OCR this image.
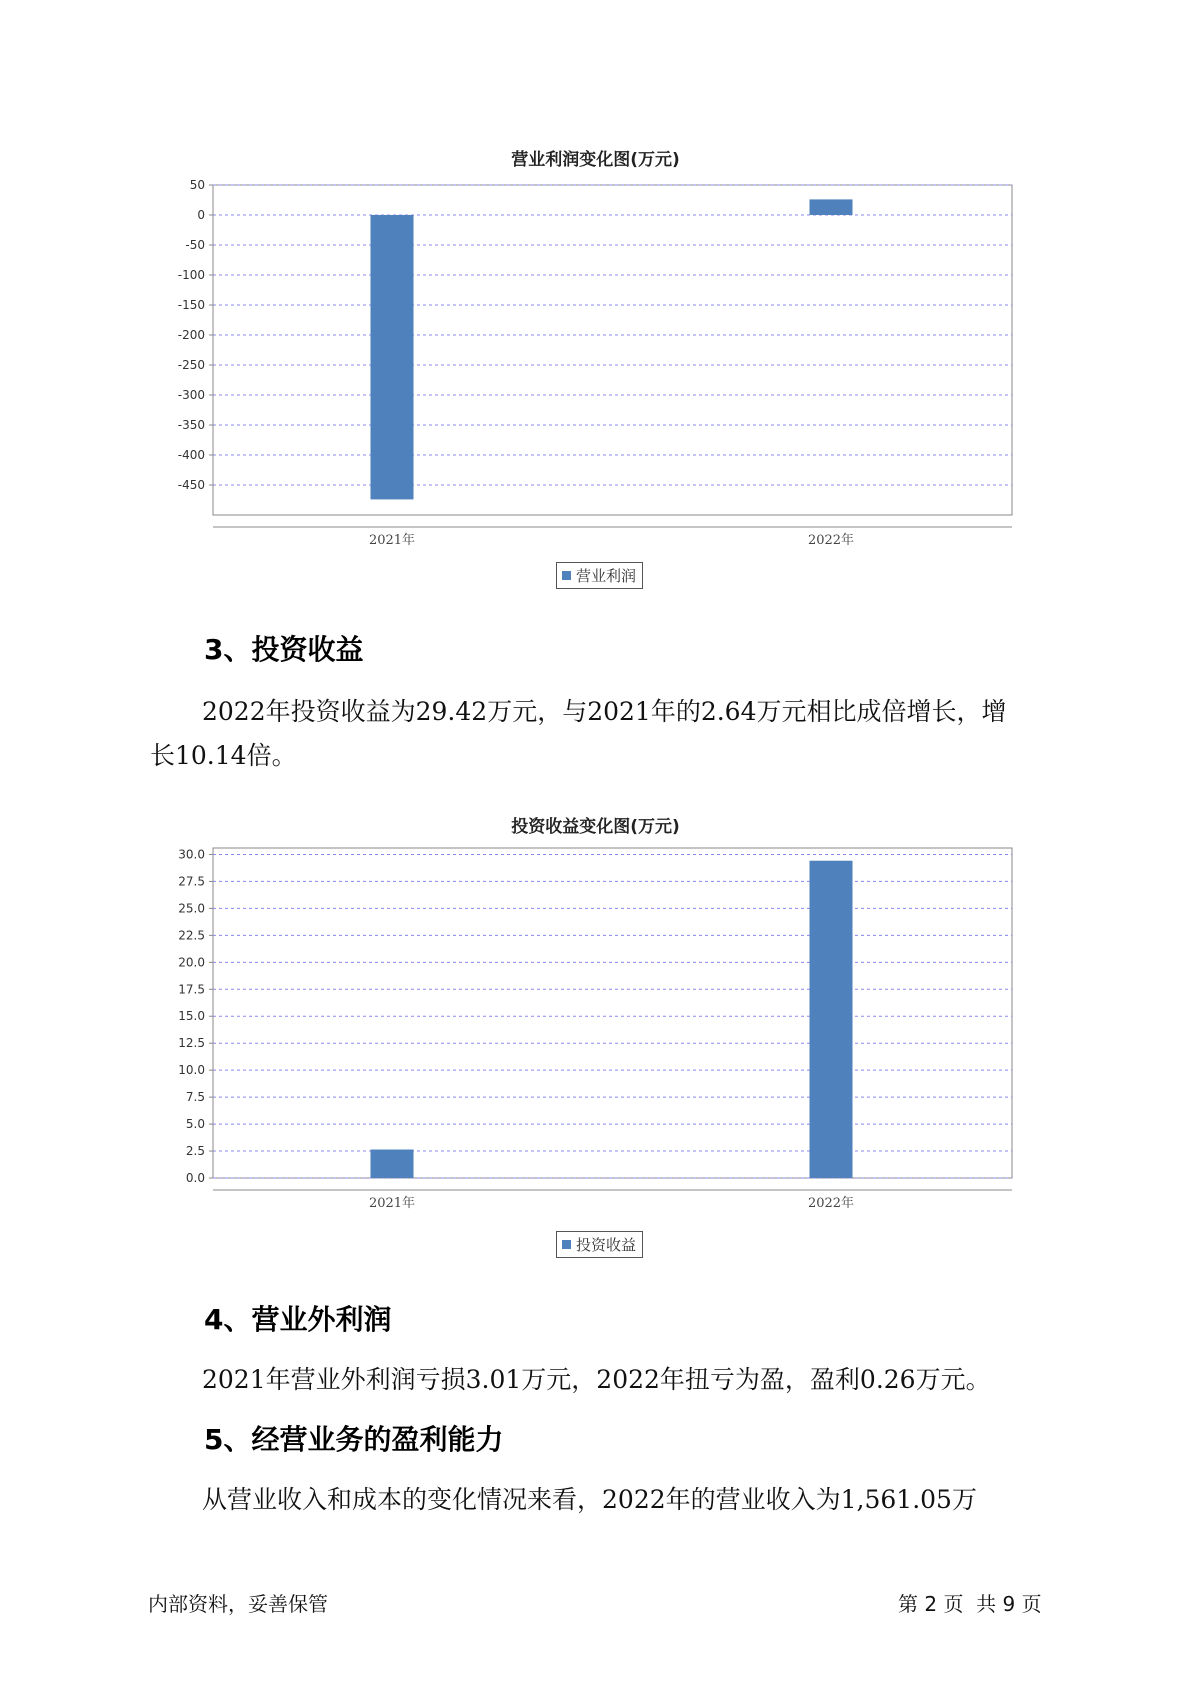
营业利润变化图(万元)
50
0
-50
-100
-150
-200
-250
-300
-350
-400
-450
2021年	2022年
营业利润
3、投资收益
2022年投资收益为29.42万元，与2021年的2.64万元相比成倍增长，增
长10.14倍。
投资收益变化图(万元)
30.0
27.5
25.0
22.5
20.0
17.5
15.0
12.5
10.0
7.5
5.0
2.5
0.0
2021年	2022年
投资收益
4、营业外利润
2021年营业外利润亏损3.01万元，2022年扭亏为盈，盈利0.26万元。
5、经营业务的盈利能力
从营业收入和成本的变化情况来看，2022年的营业收入为1,561.05万
内部资料，妥善保管	第 2 页  共 9 页
